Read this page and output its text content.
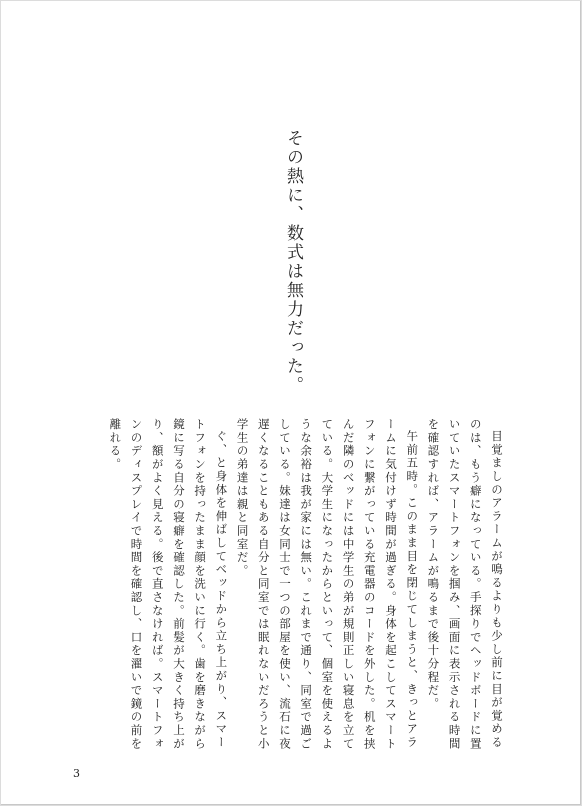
その熱に、数式は無力だった。

目覚ましのアラームが鳴るよりも少し前に目が覚めるのは、もう癖になっている。手探りでヘッドボードに置いていたスマートフォンを掴み、画面に表示される時間を確認すれば、アラームが鳴るまで後十分程だ。

午前五時。このまま目を閉じてしまうと、きっとアラームに気付けず時間が過ぎる。身体を起こしてスマートフォンに繋がっている充電器のコードを外した。机を挟んだ隣のベッドには中学生の弟が規則正しい寝息を立てている。大学生になったからといって、個室を使えるような余裕は我が家には無い。これまで通り、同室で過ごしている。妹達は女同士で一つの部屋を使い、流石に夜遅くなることもある自分と同室では眠れないだろうと小学生の弟達は親と同室だ。

ぐ、と身体を伸ばしてベッドから立ち上がり、スマートフォンを持ったまま顔を洗いに行く。歯を磨きながら鏡に写る自分の寝癖を確認した。前髪が大きく持ち上がり、額がよく見える。後で直さなければ。スマートフォンのディスプレイで時間を確認し、口を濯いで鏡の前を離れる。

3
